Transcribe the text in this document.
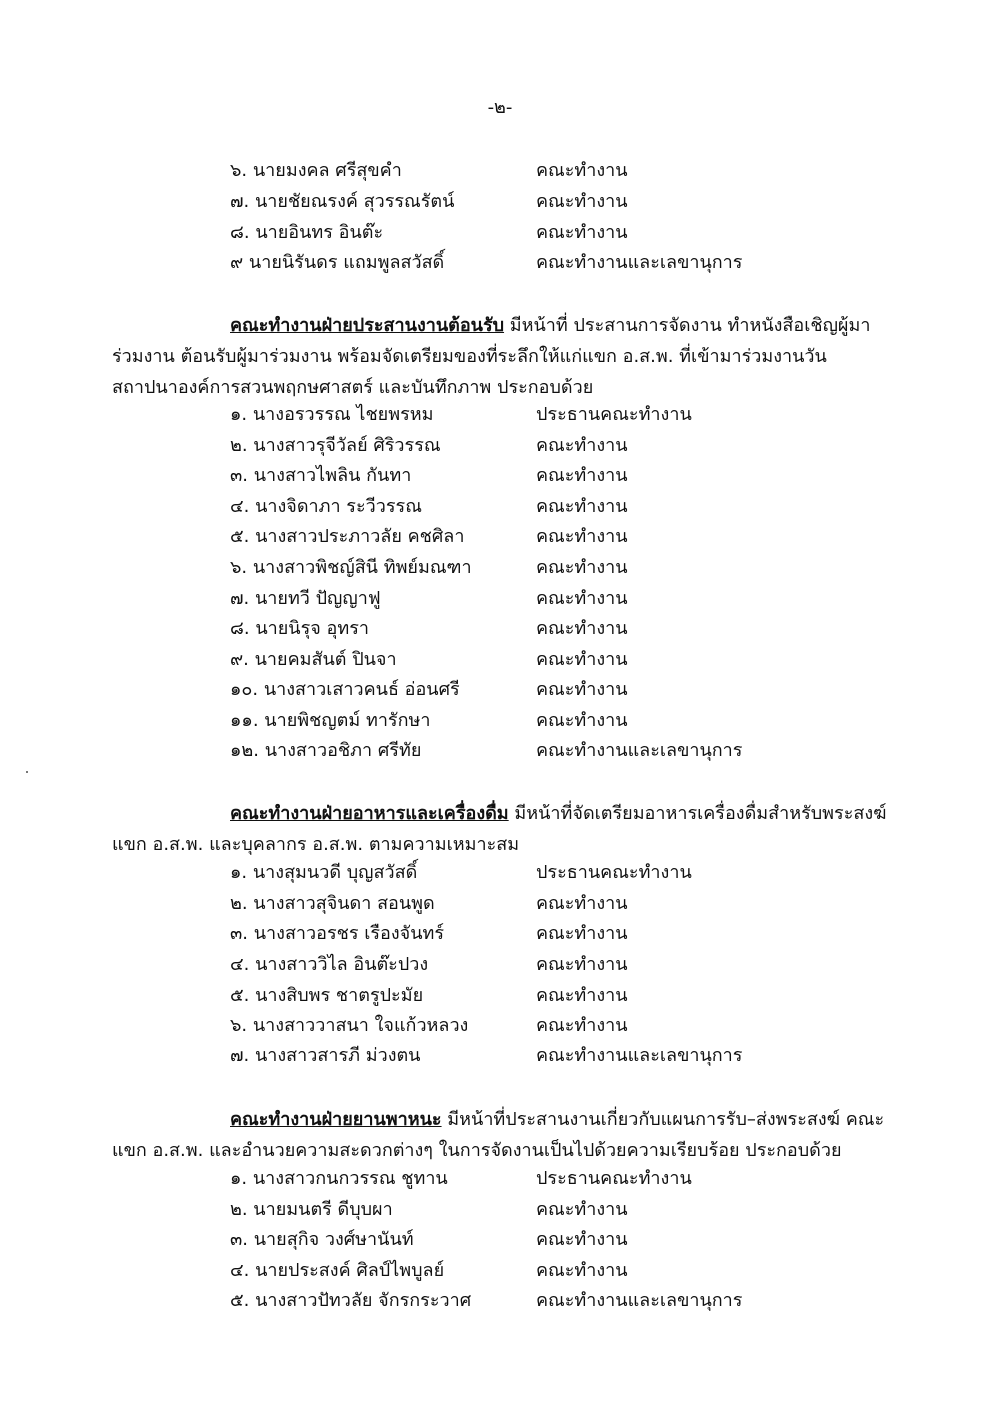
-๒-
๖. นายมงคล ศรีสุขคำ	คณะทำงาน
๗. นายชัยณรงค์ สุวรรณรัตน์	คณะทำงาน
๘. นายอินทร อินต๊ะ	คณะทำงาน
๙ นายนิรันดร แถมพูลสวัสดิ์	คณะทำงานและเลขานุการ
คณะทำงานฝ่ายประสานงานต้อนรับ มีหน้าที่ ประสานการจัดงาน ทำหนังสือเชิญผู้มาร่วมงาน ต้อนรับผู้มาร่วมงาน พร้อมจัดเตรียมของที่ระลึกให้แก่แขก อ.ส.พ. ที่เข้ามาร่วมงานวันสถาปนาองค์การสวนพฤกษศาสตร์ และบันทึกภาพ ประกอบด้วย
๑. นางอรวรรณ ไชยพรหม	ประธานคณะทำงาน
๒. นางสาวรุจีวัลย์ ศิริวรรณ	คณะทำงาน
๓. นางสาวไพลิน กันทา	คณะทำงาน
๔. นางจิดาภา ระวีวรรณ	คณะทำงาน
๕. นางสาวประภาวลัย คชศิลา	คณะทำงาน
๖. นางสาวพิชญ์สินี ทิพย์มณฑา	คณะทำงาน
๗. นายทวี ปัญญาฟู	คณะทำงาน
๘. นายนิรุจ อุทรา	คณะทำงาน
๙. นายคมสันต์ ปินจา	คณะทำงาน
๑๐. นางสาวเสาวคนธ์ อ่อนศรี	คณะทำงาน
๑๑. นายพิชญตม์ ทารักษา	คณะทำงาน
๑๒. นางสาวอชิภา ศรีทัย	คณะทำงานและเลขานุการ
คณะทำงานฝ่ายอาหารและเครื่องดื่ม มีหน้าที่จัดเตรียมอาหารเครื่องดื่มสำหรับพระสงฆ์ แขก อ.ส.พ. และบุคลากร อ.ส.พ. ตามความเหมาะสม
๑. นางสุมนวดี บุญสวัสดิ์	ประธานคณะทำงาน
๒. นางสาวสุจินดา สอนพูด	คณะทำงาน
๓. นางสาวอรชร เรืองจันทร์	คณะทำงาน
๔. นางสาววิไล อินต๊ะปวง	คณะทำงาน
๕. นางสิบพร ชาตรูปะมัย	คณะทำงาน
๖. นางสาววาสนา ใจแก้วหลวง	คณะทำงาน
๗. นางสาวสารภี ม่วงตน	คณะทำงานและเลขานุการ
คณะทำงานฝ่ายยานพาหนะ มีหน้าที่ประสานงานเกี่ยวกับแผนการรับ–ส่งพระสงฆ์ คณะแขก อ.ส.พ. และอำนวยความสะดวกต่างๆ ในการจัดงานเป็นไปด้วยความเรียบร้อย ประกอบด้วย
๑. นางสาวกนกวรรณ ชูทาน	ประธานคณะทำงาน
๒. นายมนตรี ดีบุบผา	คณะทำงาน
๓. นายสุกิจ วงศ์ษานันท์	คณะทำงาน
๔. นายประสงค์ ศิลป์ไพบูลย์	คณะทำงาน
๕. นางสาวปัทวลัย จักรกระวาศ	คณะทำงานและเลขานุการ
